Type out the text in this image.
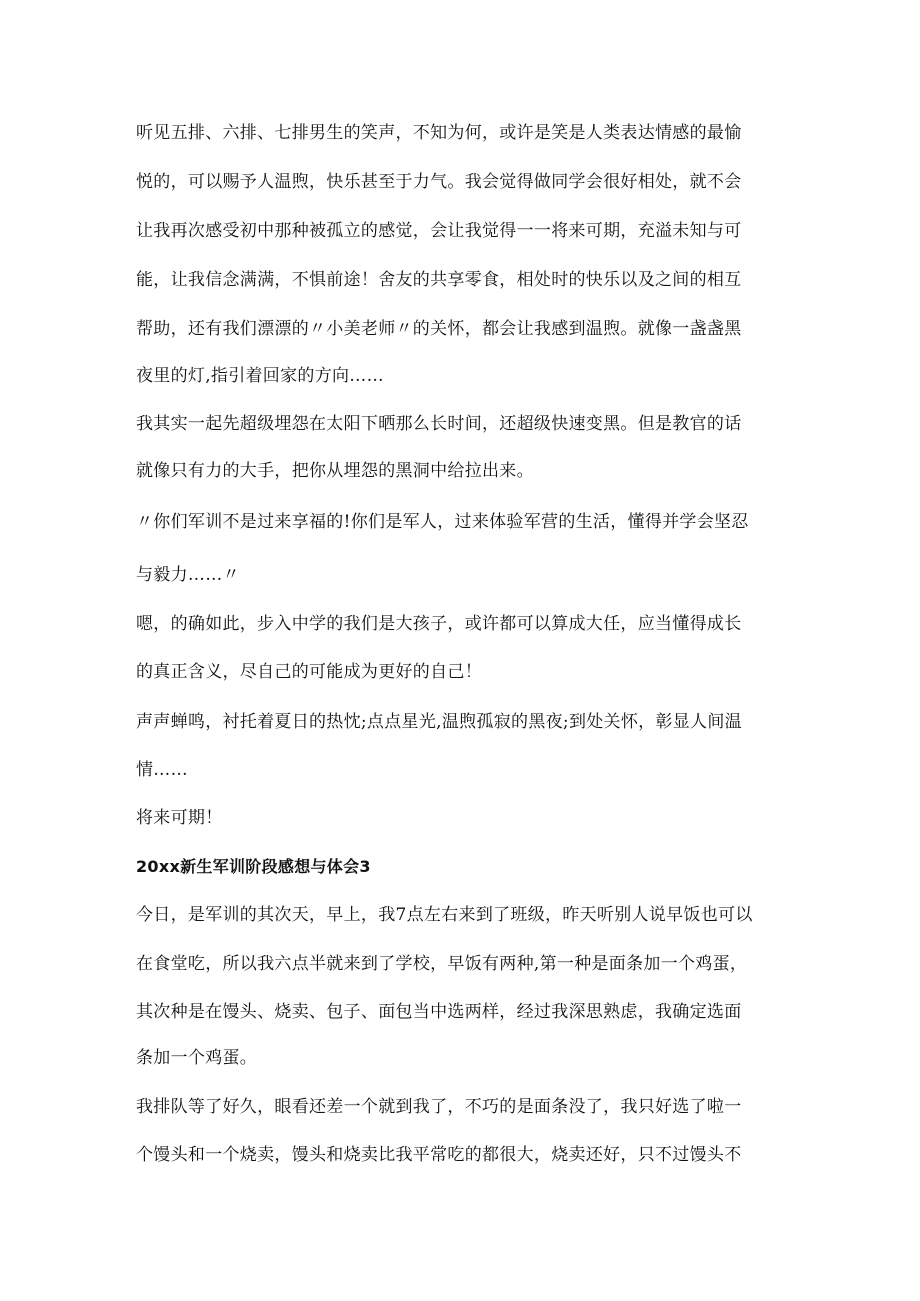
听见五排、六排、七排男生的笑声，不知为何，或许是笑是人类表达情感的最愉
悦的，可以赐予人温煦，快乐甚至于力气。我会觉得做同学会很好相处，就不会
让我再次感受初中那种被孤立的感觉，会让我觉得一一将来可期，充溢未知与可
能，让我信念满满，不惧前途！舍友的共享零食，相处时的快乐以及之间的相互
帮助，还有我们漂漂的〃小美老师〃的关怀，都会让我感到温煦。就像一盏盏黑
夜里的灯,指引着回家的方向……
我其实一起先超级埋怨在太阳下晒那么长时间，还超级快速变黑。但是教官的话
就像只有力的大手，把你从埋怨的黑洞中给拉出来。
〃你们军训不是过来享福的!你们是军人，过来体验军营的生活，懂得并学会坚忍
与毅力……〃
嗯，的确如此，步入中学的我们是大孩子，或许都可以算成大任，应当懂得成长
的真正含义，尽自己的可能成为更好的自己！
声声蝉鸣，衬托着夏日的热忱;点点星光,温煦孤寂的黑夜;到处关怀，彰显人间温
情……
将来可期！
20xx新生军训阶段感想与体会3
今日，是军训的其次天，早上，我7点左右来到了班级，昨天听别人说早饭也可以
在食堂吃，所以我六点半就来到了学校，早饭有两种,第一种是面条加一个鸡蛋，
其次种是在馒头、烧卖、包子、面包当中选两样，经过我深思熟虑，我确定选面
条加一个鸡蛋。
我排队等了好久，眼看还差一个就到我了，不巧的是面条没了，我只好选了啦一
个馒头和一个烧卖，馒头和烧卖比我平常吃的都很大，烧卖还好，只不过馒头不
